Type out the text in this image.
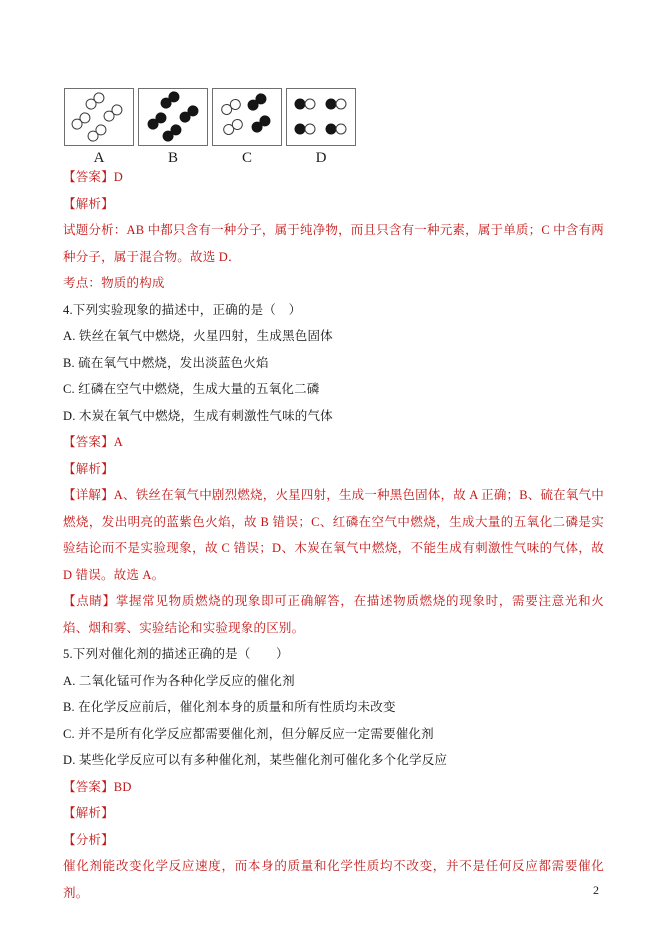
A	B	C	D

【答案】D

【解析】

试题分析：AB 中都只含有一种分子，属于纯净物，而且只含有一种元素，属于单质；C 中含有两种分子，属于混合物。故选 D．

考点：物质的构成

4.下列实验现象的描述中，正确的是（　）

A. 铁丝在氧气中燃烧，火星四射，生成黑色固体

B. 硫在氧气中燃烧，发出淡蓝色火焰

C. 红磷在空气中燃烧，生成大量的五氧化二磷

D. 木炭在氧气中燃烧，生成有刺激性气味的气体

【答案】A

【解析】

【详解】A、铁丝在氧气中剧烈燃烧，火星四射，生成一种黑色固体，故 A 正确；B、硫在氧气中燃烧，发出明亮的蓝紫色火焰，故 B 错误；C、红磷在空气中燃烧，生成大量的五氧化二磷是实验结论而不是实验现象，故 C 错误；D、木炭在氧气中燃烧，不能生成有刺激性气味的气体，故 D 错误。故选 A。

【点睛】掌握常见物质燃烧的现象即可正确解答，在描述物质燃烧的现象时，需要注意光和火焰、烟和雾、实验结论和实验现象的区别。

5.下列对催化剂的描述正确的是（　　）

A. 二氧化锰可作为各种化学反应的催化剂

B. 在化学反应前后，催化剂本身的质量和所有性质均未改变

C. 并不是所有化学反应都需要催化剂，但分解反应一定需要催化剂

D. 某些化学反应可以有多种催化剂，某些催化剂可催化多个化学反应

【答案】BD

【解析】

【分析】

催化剂能改变化学反应速度，而本身的质量和化学性质均不改变，并不是任何反应都需要催化剂。	2
